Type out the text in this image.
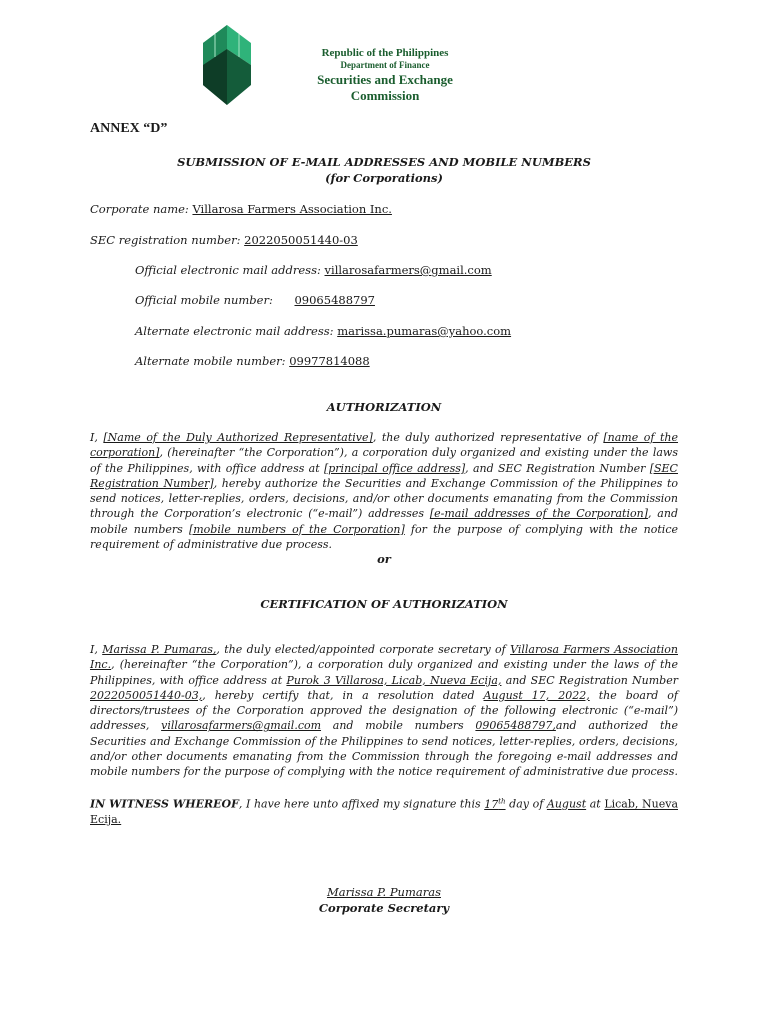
Republic of the Philippines
Department of Finance
Securities and Exchange Commission
ANNEX “D”
SUBMISSION OF E-MAIL ADDRESSES AND MOBILE NUMBERS
(for Corporations)
Corporate name: Villarosa Farmers Association Inc.
SEC registration number: 2022050051440-03
Official electronic mail address: villarosafarmers@gmail.com
Official mobile number: 09065488797
Alternate electronic mail address: marissa.pumaras@yahoo.com
Alternate mobile number: 09977814088
AUTHORIZATION
I, [Name of the Duly Authorized Representative], the duly authorized representative of [name of the corporation], (hereinafter “the Corporation”), a corporation duly organized and existing under the laws of the Philippines, with office address at [principal office address], and SEC Registration Number [SEC Registration Number], hereby authorize the Securities and Exchange Commission of the Philippines to send notices, letter-replies, orders, decisions, and/or other documents emanating from the Commission through the Corporation’s electronic (“e-mail”) addresses [e-mail addresses of the Corporation], and mobile numbers [mobile numbers of the Corporation] for the purpose of complying with the notice requirement of administrative due process.
or
CERTIFICATION OF AUTHORIZATION
I, Marissa P. Pumaras,, the duly elected/appointed corporate secretary of Villarosa Farmers Association Inc., (hereinafter “the Corporation”), a corporation duly organized and existing under the laws of the Philippines, with office address at Purok 3 Villarosa, Licab, Nueva Ecija, and SEC Registration Number 2022050051440-03,, hereby certify that, in a resolution dated August 17, 2022, the board of directors/trustees of the Corporation approved the designation of the following electronic (“e-mail”) addresses, villarosafarmers@gmail.com and mobile numbers 09065488797,and authorized the Securities and Exchange Commission of the Philippines to send notices, letter-replies, orders, decisions, and/or other documents emanating from the Commission through the foregoing e-mail addresses and mobile numbers for the purpose of complying with the notice requirement of administrative due process.
IN WITNESS WHEREOF, I have here unto affixed my signature this 17th day of August at Licab, Nueva Ecija.
Marissa P. Pumaras
Corporate Secretary
